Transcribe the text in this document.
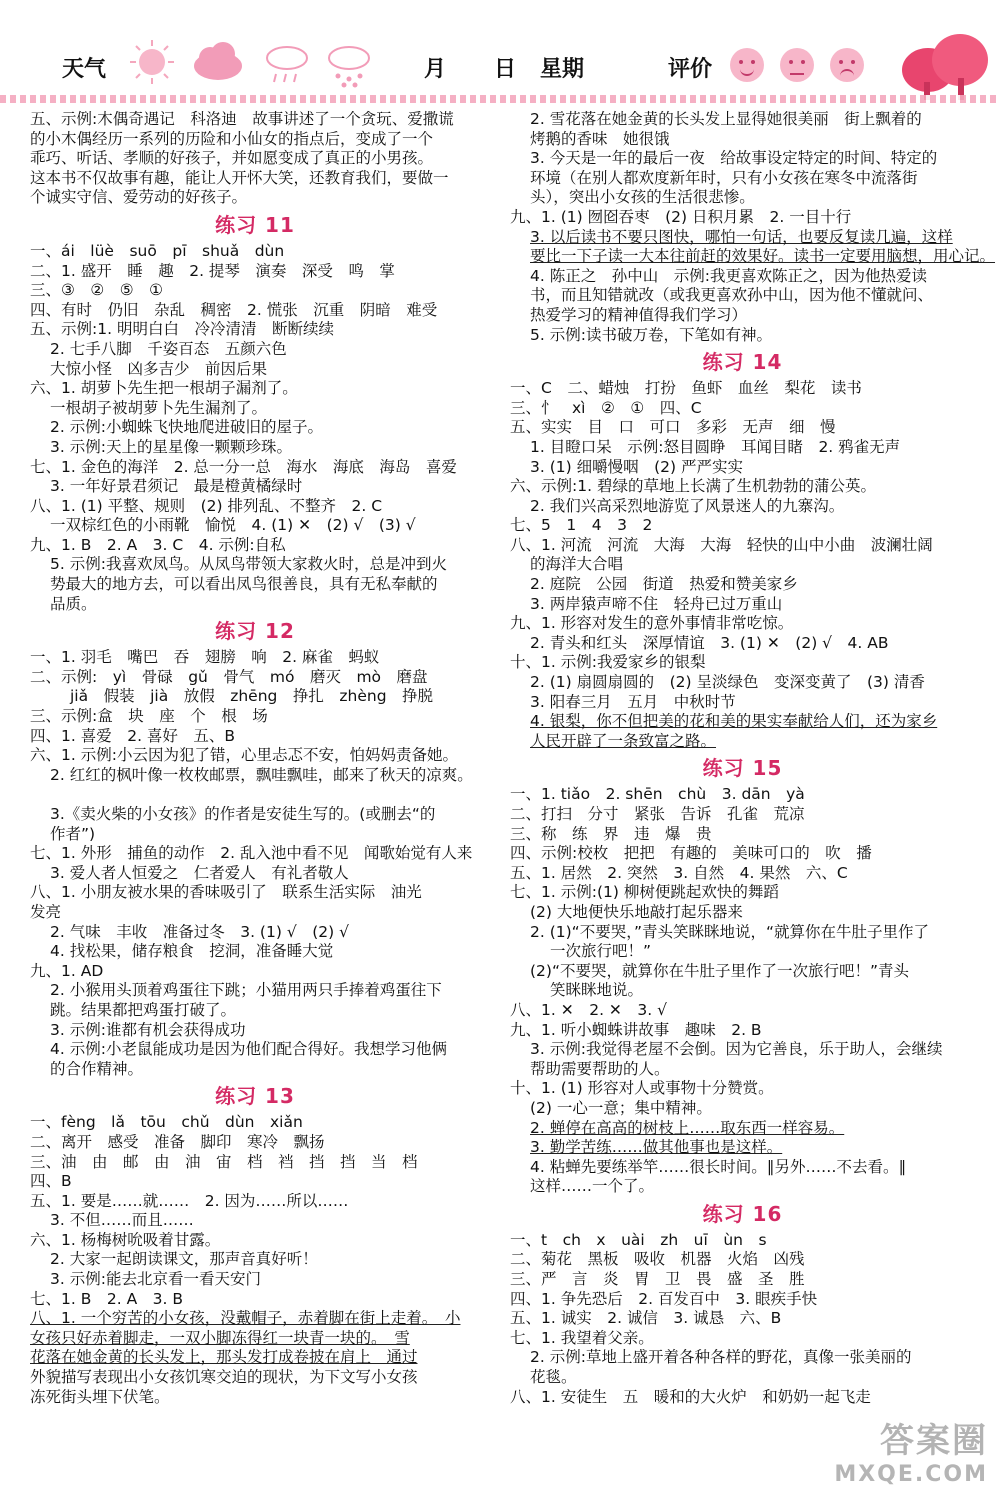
天气	月 日 星期	评价
五、示例:木偶奇遇记　科洛迪　故事讲述了一个贪玩、爱撒谎
的小木偶经历一系列的历险和小仙女的指点后，变成了一个
乖巧、听话、孝顺的好孩子，并如愿变成了真正的小男孩。
这本书不仅故事有趣，能让人开怀大笑，还教育我们，要做一
个诚实守信、爱劳动的好孩子。
练习 11
一、ái　lüè　suō　pī　shuǎ　dùn
二、1. 盛开　睡　趣　2. 提琴　演奏　深受　鸣　掌
三、③　②　⑤　①
四、有时　仍旧　杂乱　稠密　2. 慌张　沉重　阴暗　难受
五、示例:1. 明明白白　冷冷清清　断断续续
2. 七手八脚　千姿百态　五颜六色
大惊小怪　凶多吉少　前因后果
六、1. 胡萝卜先生把一根胡子漏剂了。
一根胡子被胡萝卜先生漏剂了。
2. 示例:小蜘蛛飞快地爬进破旧的屋子。
3. 示例:天上的星星像一颗颗珍珠。
七、1. 金色的海洋　2. 总一分一总　海水　海底　海岛　喜爱
3. 一年好景君须记　最是橙黄橘绿时
八、1. (1) 平整、规则　(2) 排列乱、不整齐　2. C
一双棕红色的小雨靴　愉悦　4. (1) ✕　(2) √　(3) √
九、1. B　2. A　3. C　4. 示例:自私
5. 示例:我喜欢凤鸟。从凤鸟带领大家救火时，总是冲到火
势最大的地方去，可以看出凤鸟很善良，具有无私奉献的
品质。
练习 12
一、1. 羽毛　嘴巴　吞　翅膀　响　2. 麻雀　蚂蚁
二、示例:　yì　骨碌　gǔ　骨气　mó　磨灭　mò　磨盘
jiǎ　假装　jià　放假　zhēng　挣扎　zhèng　挣脱
三、示例:盒　块　座　个　根　场
四、1. 喜爱　2. 喜好　五、B
六、1. 示例:小云因为犯了错，心里忐忑不安，怕妈妈责备她。
2. 红红的枫叶像一枚枚邮票，飘哇飘哇，邮来了秋天的凉爽。
3.《卖火柴的小女孩》的作者是安徒生写的。(或删去“的
作者”)
七、1. 外形　捕鱼的动作　2. 乱入池中看不见　闻歌始觉有人来
3. 爱人者人恒爱之　仁者爱人　有礼者敬人
八、1. 小朋友被水果的香味吸引了　联系生活实际　油光
发亮
2. 气味　丰收　准备过冬　3. (1) √　(2) √
4. 找松果，储存粮食　挖洞，准备睡大觉
九、1. AD
2. 小猴用头顶着鸡蛋往下跳；小猫用两只手捧着鸡蛋往下
跳。结果都把鸡蛋打破了。
3. 示例:谁都有机会获得成功
4. 示例:小老鼠能成功是因为他们配合得好。我想学习他俩
的合作精神。
练习 13
一、fèng　lǎ　tōu　chǔ　dùn　xiǎn
二、离开　感受　准备　脚印　寒冷　飘扬
三、油　由　邮　由　油　宙　档　裆　挡　挡　当　档
四、B
五、1. 要是……就……　2. 因为……所以……
3. 不但……而且……
六、1. 杨梅树吮吸着甘露。
2. 大家一起朗读课文，那声音真好听！
3. 示例:能去北京看一看天安门
七、1. B　2. A　3. B
八、1. 一个穷苦的小女孩，没戴帽子，赤着脚在街上走着。　小
女孩只好赤着脚走，一双小脚冻得红一块青一块的。　雪
花落在她金黄的长头发上，那头发打成卷披在肩上　通过
外貌描写表现出小女孩饥寒交迫的现状，为下文写小女孩
冻死街头埋下伏笔。
2. 雪花落在她金黄的长头发上显得她很美丽　街上飘着的
烤鹅的香味　她很饿
3. 今天是一年的最后一夜　给故事设定特定的时间、特定的
环境（在别人都欢度新年时，只有小女孩在寒冬中流落街
头），突出小女孩的生活很悲惨。
九、1. (1) 囫囵吞枣　(2) 日积月累　2. 一目十行
3. 以后读书不要只图快，哪怕一句话，也要反复读几遍，这样
要比一下子读一大本往前赶的效果好。读书一定要用脑想，用心记。
4. 陈正之　孙中山　示例:我更喜欢陈正之，因为他热爱读
书，而且知错就改（或我更喜欢孙中山，因为他不懂就问、
热爱学习的精神值得我们学习）
5. 示例:读书破万卷，下笔如有神。
练习 14
一、C　二、蜡烛　打扮　鱼虾　血丝　梨花　读书
三、忄　xì　②　①　四、C
五、实实　目　口　可口　多彩　无声　细　慢
1. 目瞪口呆　示例:怒目圆睁　耳闻目睹　2. 鸦雀无声
3. (1) 细嚼慢咽　(2) 严严实实
六、示例:1. 碧绿的草地上长满了生机勃勃的蒲公英。
2. 我们兴高采烈地游览了风景迷人的九寨沟。
七、5　1　4　3　2
八、1. 河流　河流　大海　大海　轻快的山中小曲　波澜壮阔
的海洋大合唱
2. 庭院　公园　街道　热爱和赞美家乡
3. 两岸猿声啼不住　轻舟已过万重山
九、1. 形容对发生的意外事情非常吃惊。
2. 青头和红头　深厚情谊　3. (1) ✕　(2) √　4. AB
十、1. 示例:我爱家乡的银梨
2. (1) 扇圆扇圆的　(2) 呈淡绿色　变深变黄了　(3) 清香
3. 阳春三月　五月　中秋时节
4. 银梨，你不但把美的花和美的果实奉献给人们，还为家乡
人民开辟了一条致富之路。
练习 15
一、1. tiǎo　2. shēn　chù　3. dān　yà
二、打扫　分寸　紧张　告诉　孔雀　荒凉
三、称　练　界　违　爆　贵
四、示例:校枚　把把　有趣的　美味可口的　吹　播
五、1. 居然　2. 突然　3. 自然　4. 果然　六、C
七、1. 示例:(1) 柳树便跳起欢快的舞蹈
(2) 大地便快乐地敲打起乐器来
2. (1)“不要哭，”青头笑眯眯地说，“就算你在牛肚子里作了
一次旅行吧！”
(2)“不要哭，就算你在牛肚子里作了一次旅行吧！”青头
笑眯眯地说。
八、1. ✕　2. ✕　3. √
九、1. 听小蜘蛛讲故事　趣味　2. B
3. 示例:我觉得老屋不会倒。因为它善良，乐于助人，会继续
帮助需要帮助的人。
十、1. (1) 形容对人或事物十分赞赏。
(2) 一心一意；集中精神。
2. 蝉停在高高的树枝上……取东西一样容易。
3. 勤学苦练……做其他事也是这样。
4. 粘蝉先要练举竿……很长时间。∥另外……不去看。∥
这样……一个了。
练习 16
一、t　ch　x　uài　zh　uī　ùn　s
二、菊花　黑板　吸收　机器　火焰　凶残
三、严　言　炎　胃　卫　畏　盛　圣　胜
四、1. 争先恐后　2. 百发百中　3. 眼疾手快
五、1. 诚实　2. 诚信　3. 诚恳　六、B
七、1. 我望着父亲。
2. 示例:草地上盛开着各种各样的野花，真像一张美丽的
花毯。
八、1. 安徒生　五　暖和的大火炉　和奶奶一起飞走
答案圈
MXQE.COM
